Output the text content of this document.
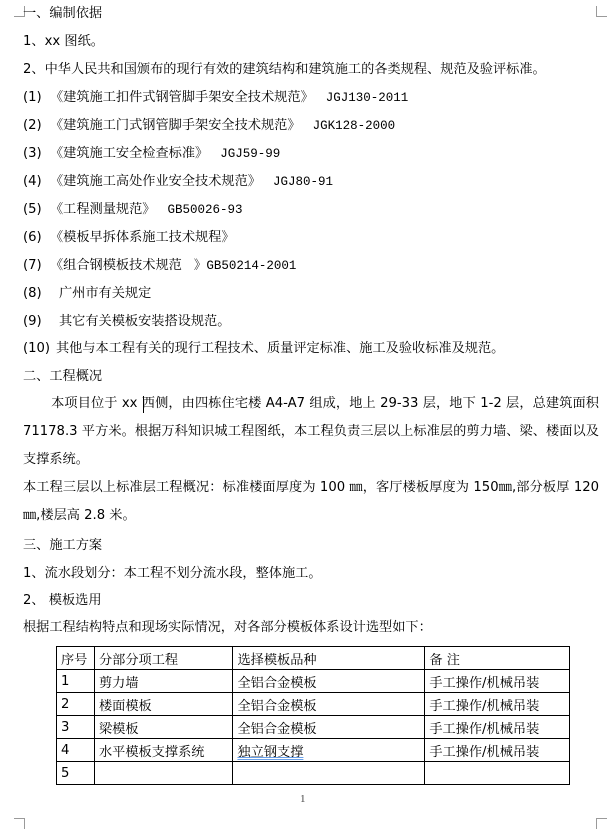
一、编制依据
1、xx 图纸。
2、中华人民共和国颁布的现行有效的建筑结构和建筑施工的各类规程、规范及验评标准。
(1) 《建筑施工扣件式钢管脚手架安全技术规范》 JGJ130-2011
(2) 《建筑施工门式钢管脚手架安全技术规范》 JGK128-2000
(3) 《建筑施工安全检查标准》 JGJ59-99
(4) 《建筑施工高处作业安全技术规范》 JGJ80-91
(5) 《工程测量规范》 GB50026-93
(6) 《模板早拆体系施工技术规程》
(7) 《组合钢模板技术规范 》GB50214-2001
(8) 广州市有关规定
(9) 其它有关模板安装搭设规范。
(10) 其他与本工程有关的现行工程技术、质量评定标准、施工及验收标准及规范。
二、工程概况
本项目位于 xx 西侧，由四栋住宅楼 A4-A7 组成，地上 29-33 层，地下 1-2 层，总建筑面积 71178.3 平方米。根据万科知识城工程图纸，本工程负责三层以上标准层的剪力墙、梁、楼面以及支撑系统。
本工程三层以上标准层工程概况：标准楼面厚度为 100 ㎜，客厅楼板厚度为 150㎜,部分板厚 120㎜,楼层高 2.8 米。
三、施工方案
1、流水段划分：本工程不划分流水段，整体施工。
2、 模板选用
根据工程结构特点和现场实际情况，对各部分模板体系设计选型如下：
序号	分部分项工程	选择模板品种	备 注
1	剪力墙	全铝合金模板	手工操作/机械吊装
2	楼面模板	全铝合金模板	手工操作/机械吊装
3	梁模板	全铝合金模板	手工操作/机械吊装
4	水平模板支撑系统	独立钢支撑	手工操作/机械吊装
5			
1
